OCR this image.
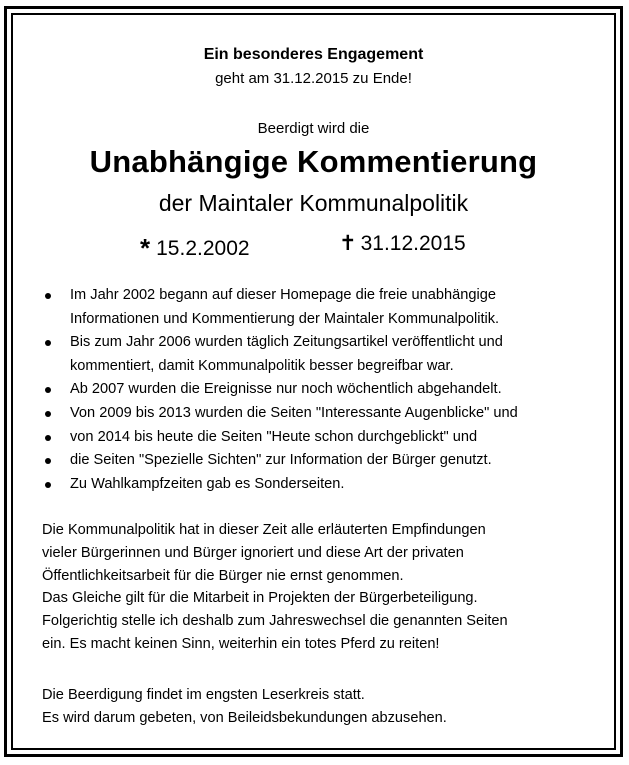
Ein besonderes Engagement
geht am 31.12.2015 zu Ende!
Beerdigt wird die
Unabhängige Kommentierung
der Maintaler Kommunalpolitik
* 15.2.2002	✝ 31.12.2015
Im Jahr 2002 begann auf dieser Homepage die freie unabhängige
Informationen und Kommentierung der Maintaler Kommunalpolitik.
Bis zum Jahr 2006 wurden täglich Zeitungsartikel veröffentlicht und
kommentiert, damit Kommunalpolitik besser begreifbar war.
Ab 2007 wurden die Ereignisse nur noch wöchentlich abgehandelt.
Von 2009 bis 2013 wurden die Seiten "Interessante Augenblicke" und
von 2014 bis heute die Seiten "Heute schon durchgeblickt" und
die Seiten "Spezielle Sichten" zur Information der Bürger genutzt.
Zu Wahlkampfzeiten gab es Sonderseiten.
Die Kommunalpolitik hat in dieser Zeit alle erläuterten Empfindungen
vieler Bürgerinnen und Bürger ignoriert und diese Art der privaten
Öffentlichkeitsarbeit für die Bürger nie ernst genommen.
Das Gleiche gilt für die Mitarbeit in Projekten der Bürgerbeteiligung.
Folgerichtig stelle ich deshalb zum Jahreswechsel die genannten Seiten
ein. Es macht keinen Sinn, weiterhin ein totes Pferd zu reiten!
Die Beerdigung findet im engsten Leserkreis statt.
Es wird darum gebeten, von Beileidsbekundungen abzusehen.
